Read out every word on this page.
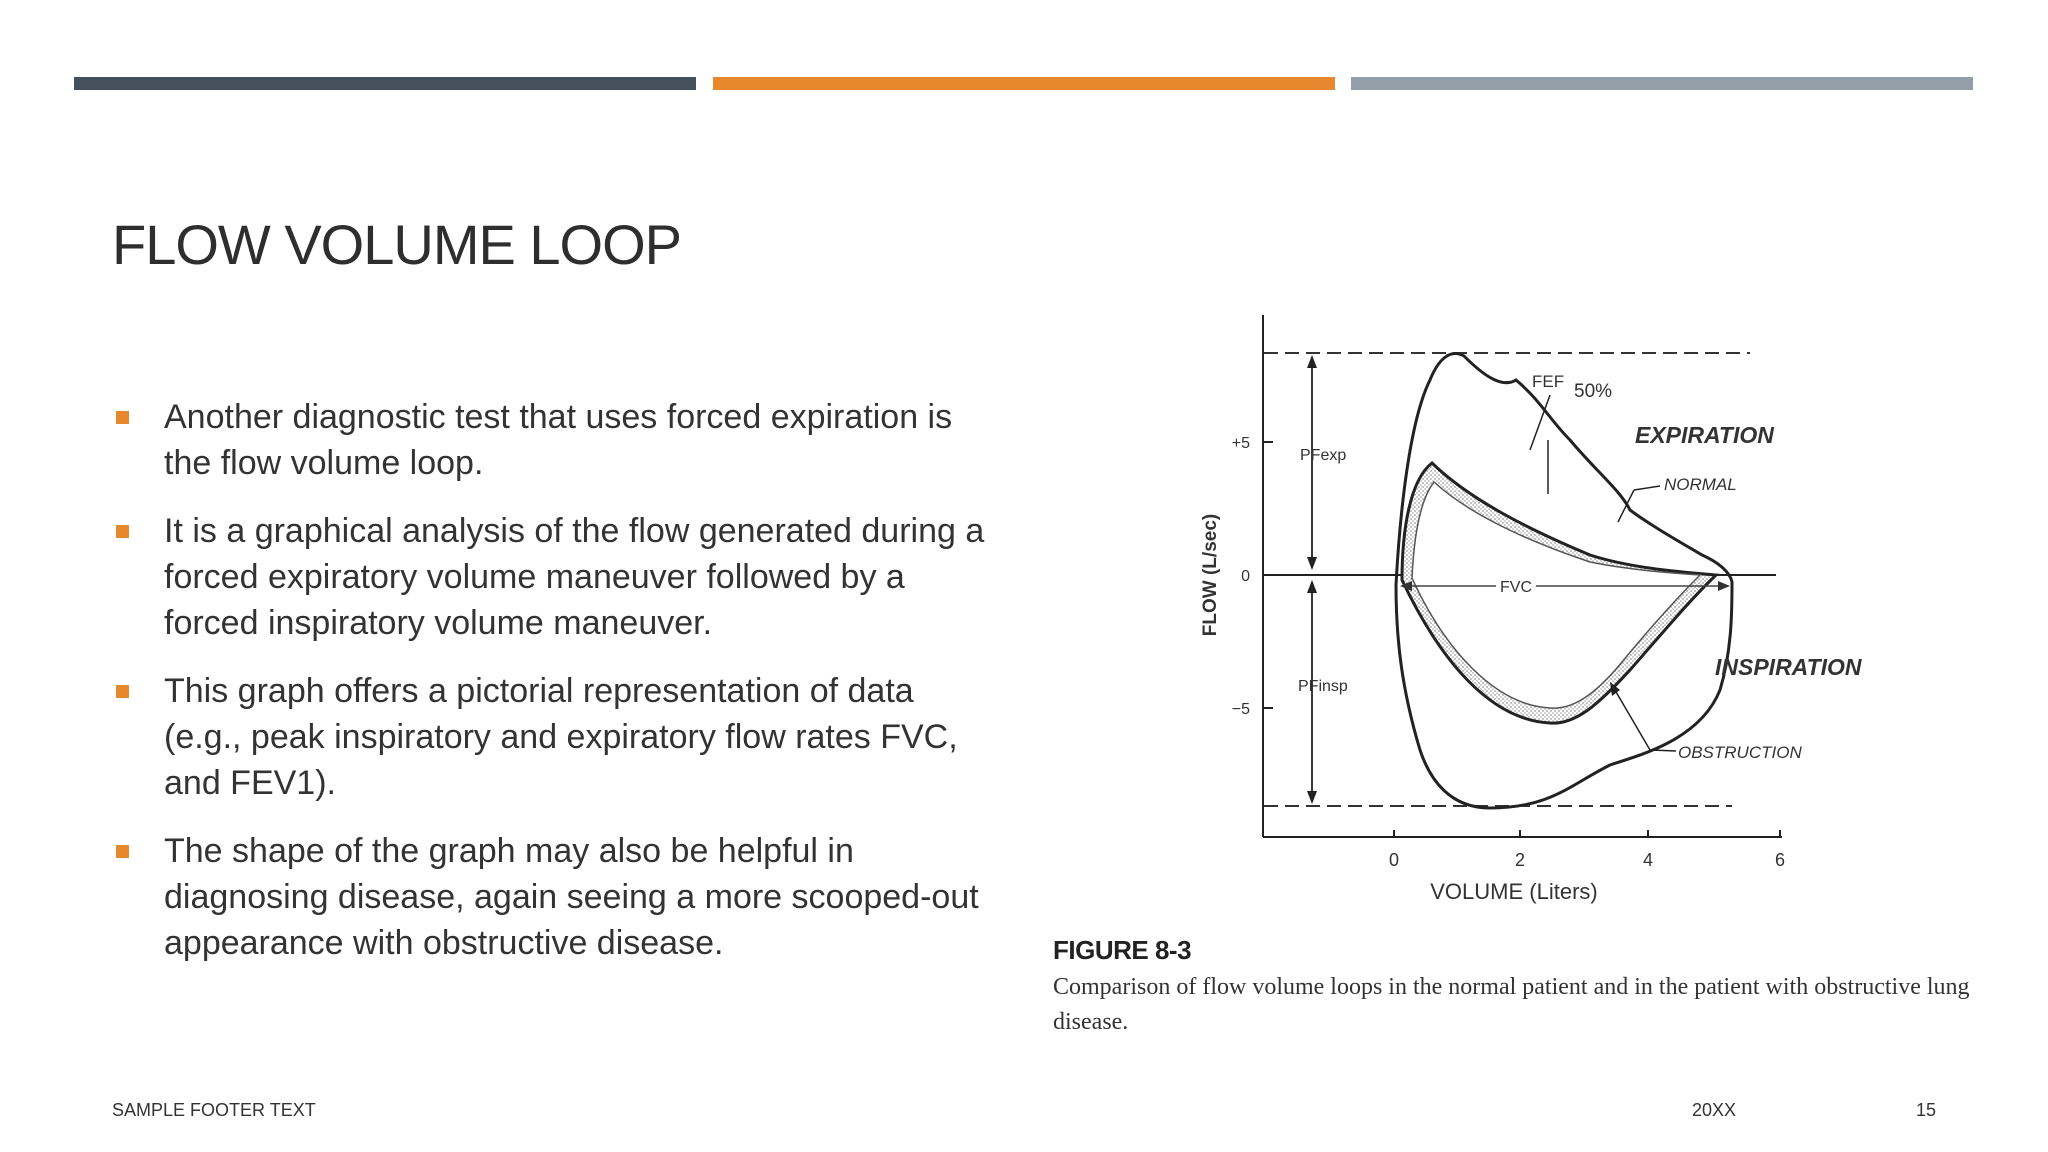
FLOW VOLUME LOOP
Another diagnostic test that uses forced expiration is the flow volume loop.
It is a graphical analysis of the flow generated during a forced expiratory volume maneuver followed by a forced inspiratory volume maneuver.
This graph offers a pictorial representation of data (e.g., peak inspiratory and expiratory flow rates FVC, and FEV1).
The shape of the graph may also be helpful in diagnosing disease, again seeing a more scooped-out appearance with obstructive disease.
+5
0
−5
0	2	4	6
VOLUME (Liters)
FLOW (L/sec)
PFexp
PFinsp
FVC
FEF 50%
EXPIRATION
NORMAL
INSPIRATION
OBSTRUCTION
FIGURE 8-3
Comparison of flow volume loops in the normal patient and in the patient with obstructive lung disease.
SAMPLE FOOTER TEXT	20XX	15
